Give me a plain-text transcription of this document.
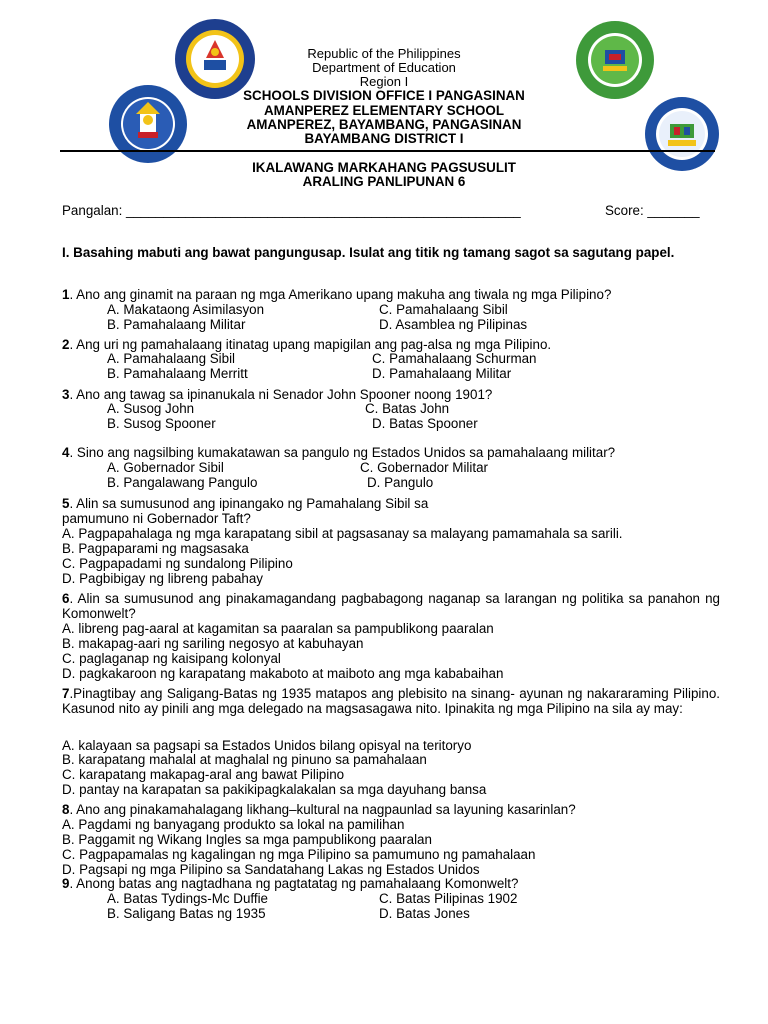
Republic of the Philippines
Department of Education
Region I
SCHOOLS DIVISION OFFICE I PANGASINAN
AMANPEREZ ELEMENTARY SCHOOL
AMANPEREZ, BAYAMBANG, PANGASINAN
BAYAMBANG DISTRICT I
IKALAWANG MARKAHANG PAGSUSULIT
ARALING PANLIPUNAN 6
Pangalan: _____________________________________________________	Score: _______
I. Basahing mabuti ang bawat pangungusap. Isulat ang titik ng tamang sagot sa sagutang papel.
1. Ano ang ginamit na paraan ng mga Amerikano upang makuha ang tiwala ng mga Pilipino?
A. Makataong Asimilasyon	C. Pamahalaang Sibil
B. Pamahalaang Militar	D. Asamblea ng Pilipinas
2. Ang uri ng pamahalaang itinatag upang mapigilan ang pag-alsa ng mga Pilipino.
A. Pamahalaang Sibil	C. Pamahalaang Schurman
B. Pamahalaang Merritt	D. Pamahalaang Militar
3. Ano ang tawag sa ipinanukala ni Senador John Spooner noong 1901?
A. Susog John	C. Batas John
B. Susog Spooner	D. Batas Spooner
4. Sino ang nagsilbing kumakatawan sa pangulo ng Estados Unidos sa pamahalaang militar?
A. Gobernador Sibil	C. Gobernador Militar
B. Pangalawang Pangulo	D. Pangulo
5. Alin sa sumusunod ang ipinangako ng Pamahalang Sibil sa
pamumuno ni Gobernador Taft?
A. Pagpapahalaga ng mga karapatang sibil at pagsasanay sa malayang pamamahala sa sarili.
B. Pagpaparami ng magsasaka
C. Pagpapadami ng sundalong Pilipino
D. Pagbibigay ng libreng pabahay
6. Alin sa sumusunod ang pinakamagandang pagbabagong naganap sa larangan ng politika sa panahon ng Komonwelt?
A. libreng pag-aaral at kagamitan sa paaralan sa pampublikong paaralan
B. makapag-aari ng sariling negosyo at kabuhayan
C. paglaganap ng kaisipang kolonyal
D. pagkakaroon ng karapatang makaboto at maiboto ang mga kababaihan
7.Pinagtibay ang Saligang-Batas ng 1935 matapos ang plebisito na sinang- ayunan ng nakararaming Pilipino. Kasunod nito ay pinili ang mga delegado na magsasagawa nito. Ipinakita ng mga Pilipino na sila ay may:
A. kalayaan sa pagsapi sa Estados Unidos bilang opisyal na teritoryo
B. karapatang mahalal at maghalal ng pinuno sa pamahalaan
C. karapatang makapag-aral ang bawat Pilipino
D. pantay na karapatan sa pakikipagkalakalan sa mga dayuhang bansa
8. Ano ang pinakamahalagang likhang–kultural na nagpaunlad sa layuning kasarinlan?
A. Pagdami ng banyagang produkto sa lokal na pamilihan
B. Paggamit ng Wikang Ingles sa mga pampublikong paaralan
C. Pagpapamalas ng kagalingan ng mga Pilipino sa pamumuno ng pamahalaan
D. Pagsapi ng mga Pilipino sa Sandatahang Lakas ng Estados Unidos
9. Anong batas ang nagtadhana ng pagtatatag ng pamahalaang Komonwelt?
A. Batas Tydings-Mc Duffie	C. Batas Pilipinas 1902
B. Saligang Batas ng 1935	D. Batas Jones
